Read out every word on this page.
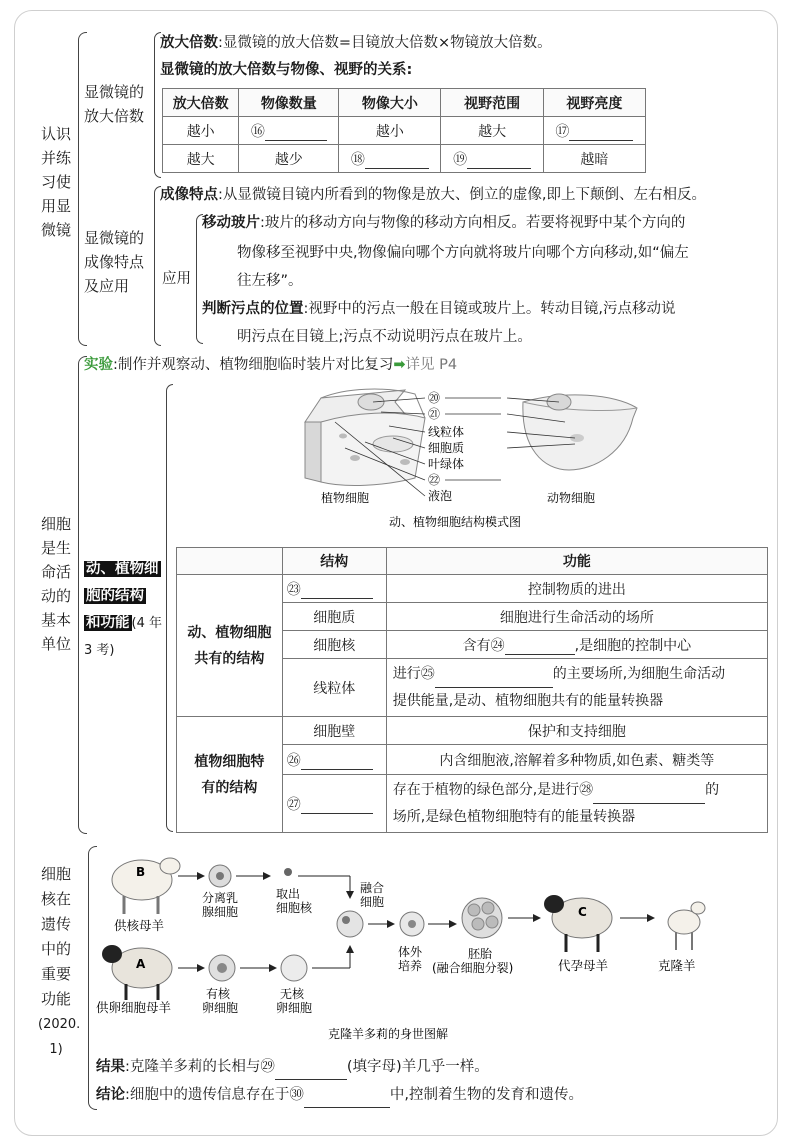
认识
并练
习使
用显
微镜
显微镜的
放大倍数
放大倍数:显微镜的放大倍数=目镜放大倍数×物镜放大倍数。
显微镜的放大倍数与物像、视野的关系:
放大倍数	物像数量	物像大小	视野范围	视野亮度
越小	⑯	越小	越大	⑰
越大	越少	⑱	⑲	越暗
显微镜的
成像特点
及应用
成像特点:从显微镜目镜内所看到的物像是放大、倒立的虚像,即上下颠倒、左右相反。
应用
移动玻片:玻片的移动方向与物像的移动方向相反。若要将视野中某个方向的
物像移至视野中央,物像偏向哪个方向就将玻片向哪个方向移动,如“偏左
往左移”。
判断污点的位置:视野中的污点一般在目镜或玻片上。转动目镜,污点移动说
明污点在目镜上;污点不动说明污点在玻片上。
细胞
是生
命活
动的
基本
单位
实验:制作并观察动、植物细胞临时装片对比复习➡详见 P4
动、植物细
胞的结构
和功能 (4 年
3 考)
⑳
㉑
线粒体
细胞质
叶绿体
㉒
液泡
植物细胞	动物细胞
动、植物细胞结构模式图
	结构	功能

动、植物细胞
共有的结构	㉓	控制物质的进出
	细胞质	细胞进行生命活动的场所
	细胞核	含有㉔ ,是细胞的控制中心
	线粒体	进行㉕ 的主要场所,为细胞生命活动
提供能量,是动、植物细胞共有的能量转换器

植物细胞特
有的结构	细胞壁	保护和支持细胞
	㉖	内含细胞液,溶解着多种物质,如色素、糖类等
	㉗	存在于植物的绿色部分,是进行㉘ 的
场所,是绿色植物细胞特有的能量转换器
细胞
核在
遗传
中的
重要
功能
(2020.
1)
B
供核母羊
A
供卵细胞母羊
分离乳
腺细胞
取出
细胞核
有核
卵细胞
无核
卵细胞
融合
细胞
体外
培养
胚胎
(融合细胞分裂)
C
代孕母羊	克隆羊
克隆羊多莉的身世图解
结果:克隆羊多莉的长相与㉙	(填字母)羊几乎一样。
结论:细胞中的遗传信息存在于㉚	中,控制着生物的发育和遗传。
